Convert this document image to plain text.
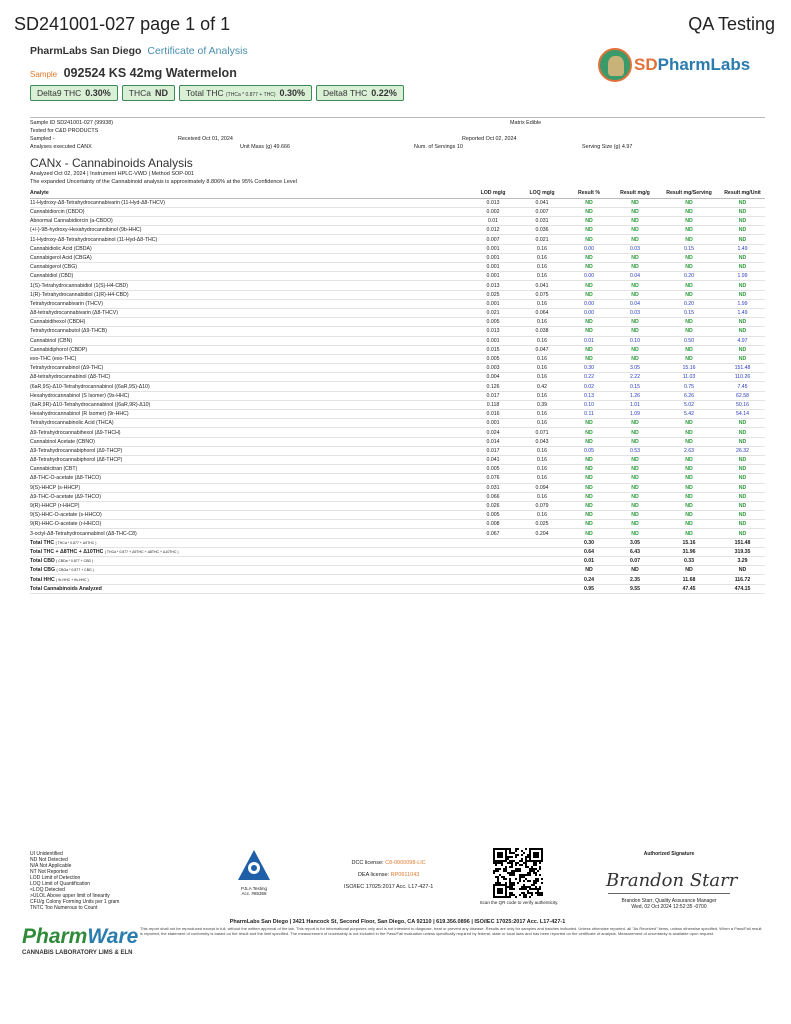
SD241001-027 page 1 of 1	QA Testing
PharmLabs San Diego Certificate of Analysis
Sample 092524 KS 42mg Watermelon
Delta9 THC 0.30%	THCa ND	Total THC (THCa * 0.877 + THC) 0.30%	Delta8 THC 0.22%
SDPharmLabs
Sample ID SD241001-027 (99938)	Matrix Edible
Tested for C&D PRODUCTS
Sampled -	Received Oct 01, 2024	Reported Oct 02, 2024
Analyses executed CANX	Unit Mass (g) 49.666	Num. of Servings 10	Serving Size (g) 4.97
CANx - Cannabinoids Analysis
Analyzed Oct 02, 2024 | Instrument HPLC-VWD | Method SOP-001
The expanded Uncertainty of the Cannabinoid analysis is approximately 8.806% at the 95% Confidence Level
Analyte	LOD mg/g	LOQ mg/g	Result %	Result mg/g	Result mg/Serving	Result mg/Unit
11-Hydroxy-Δ8-Tetrahydrocannabivarin (11-Hyd-Δ8-THCV)	0.013	0.041	ND	ND	ND	ND
Cannabidiorcin (CBDO)	0.002	0.007	ND	ND	ND	ND
Abnormal Cannabidiorcin (a-CBDO)	0.01	0.031	ND	ND	ND	ND
(+/-)-9B-hydroxy-Hexahydrocannibinol (9b-HHC)	0.012	0.036	ND	ND	ND	ND
11-Hydroxy-Δ8-Tetrahydrocannabinol (11-Hyd-Δ8-THC)	0.007	0.021	ND	ND	ND	ND
Cannabidiolic Acid (CBDA)	0.001	0.16	0.00	0.03	0.15	1.49
Cannabigerol Acid (CBGA)	0.001	0.16	ND	ND	ND	ND
Cannabigerol (CBG)	0.001	0.16	ND	ND	ND	ND
Cannabidiol (CBD)	0.001	0.16	0.00	0.04	0.20	1.99
1(S)-Tetrahydrocannabidiol (1(S)-H4-CBD)	0.013	0.041	ND	ND	ND	ND
1(R)-Tetrahydrocannabidiol (1(R)-H4-CBD)	0.025	0.075	ND	ND	ND	ND
Tetrahydrocannabivarin (THCV)	0.001	0.16	0.00	0.04	0.20	1.99
Δ8-tetrahydrocannabivarin (Δ8-THCV)	0.021	0.064	0.00	0.03	0.15	1.49
Cannabidihexol (CBDH)	0.005	0.16	ND	ND	ND	ND
Tetrahydrocannabutol (Δ9-THCB)	0.013	0.038	ND	ND	ND	ND
Cannabinol (CBN)	0.001	0.16	0.01	0.10	0.50	4.97
Cannabidiphorol (CBDP)	0.015	0.047	ND	ND	ND	ND
exo-THC (exo-THC)	0.005	0.16	ND	ND	ND	ND
Tetrahydrocannabinol (Δ9-THC)	0.003	0.16	0.30	3.05	15.16	151.48
Δ8-tetrahydrocannabinol (Δ8-THC)	0.004	0.16	0.22	2.22	11.03	110.26
(6aR,9S)-Δ10-Tetrahydrocannabinol ((6aR,9S)-Δ10)	0.126	0.42	0.02	0.15	0.75	7.45
Hexahydrocannabinol (S Isomer) (9s-HHC)	0.017	0.16	0.13	1.26	6.26	62.58
(6aR,9R)-Δ10-Tetrahydrocannabinol ((6aR,9R)-Δ10)	0.118	0.39	0.10	1.01	5.02	50.16
Hexahydrocannabinol (R Isomer) (9r-HHC)	0.016	0.16	0.11	1.09	5.42	54.14
Tetrahydrocannabinolic Acid (THCA)	0.001	0.16	ND	ND	ND	ND
Δ9-Tetrahydrocannabihexol (Δ9-THCH)	0.024	0.071	ND	ND	ND	ND
Cannabinol Acetate (CBNO)	0.014	0.043	ND	ND	ND	ND
Δ9-Tetrahydrocannabiphorol (Δ9-THCP)	0.017	0.16	0.05	0.53	2.63	26.32
Δ8-Tetrahydrocannabiphorol (Δ8-THCP)	0.041	0.16	ND	ND	ND	ND
Cannabicitran (CBT)	0.005	0.16	ND	ND	ND	ND
Δ8-THC-O-acetate (Δ8-THCO)	0.076	0.16	ND	ND	ND	ND
9(S)-HHCP (s-HHCP)	0.031	0.094	ND	ND	ND	ND
Δ9-THC-O-acetate (Δ9-THCO)	0.066	0.16	ND	ND	ND	ND
9(R)-HHCP (r-HHCP)	0.026	0.079	ND	ND	ND	ND
9(S)-HHC-O-acetate (s-HHCO)	0.005	0.16	ND	ND	ND	ND
9(R)-HHC-O-acetate (r-HHCO)	0.008	0.025	ND	ND	ND	ND
3-octyl-Δ8-Tetrahydrocannabinol (Δ8-THC-C8)	0.067	0.204	ND	ND	ND	ND
Total THC ( THCa * 0.877 + Δ9THC )			0.30	3.05	15.16	151.48
Total THC + Δ8THC + Δ10THC ( THCa * 0.877 + Δ9THC + Δ8THC + Δ10THC )			0.64	6.43	31.96	319.35
Total CBD ( CBDa * 0.877 + CBD )			0.01	0.07	0.33	3.29
Total CBG ( CBGa * 0.877 + CBG )			ND	ND	ND	ND
Total HHC ( 9r-HHC + 9s-HHC )			0.24	2.35	11.68	116.72
Total Cannabinoids Analyzed			0.95	9.55	47.45	474.15
UI Unidentified
ND Not Detected
N/A Not Applicable
NT Not Reported
LOD Limit of Detection
LOQ Limit of Quantification
<LOQ Detected
>ULOL Above upper limit of linearity
CFU/g Colony Forming Units per 1 gram
TNTC Too Numerous to Count
PJLA Testing
Acc. #85368
DCC license: C8-0000098-LIC
DEA license: RP0611043
ISO/IEC 17025:2017 Acc. L17-427-1
Scan the QR code to verify authenticity.
Authorized Signature
Brandon Starr
Brandon Starr, Quality Assurance Manager
Wed, 02 Oct 2024 12:52:35 -0700
PharmLabs San Diego | 3421 Hancock St, Second Floor, San Diego, CA 92110 | 619.356.0896 | ISO/IEC 17025:2017 Acc. L17-427-1
This report shall not be reproduced except in full, without the written approval of the lab. This report is for informational purposes only and is not intended to diagnose, treat or prevent any disease. Results are only for samples and batches indicated. Unless otherwise reported, all "As Received" items, unless otherwise specified. When a Pass/Fail result is reported, the statement of conformity is based on the result and the limit specified. The measurement of uncertainty is not included in the Pass/Fail evaluation unless specifically required by federal, state or local laws and has been reported on the certificate of analysis. Measurement of uncertainty is available upon request.
PharmWare
CANNABIS LABORATORY LIMS & ELN
